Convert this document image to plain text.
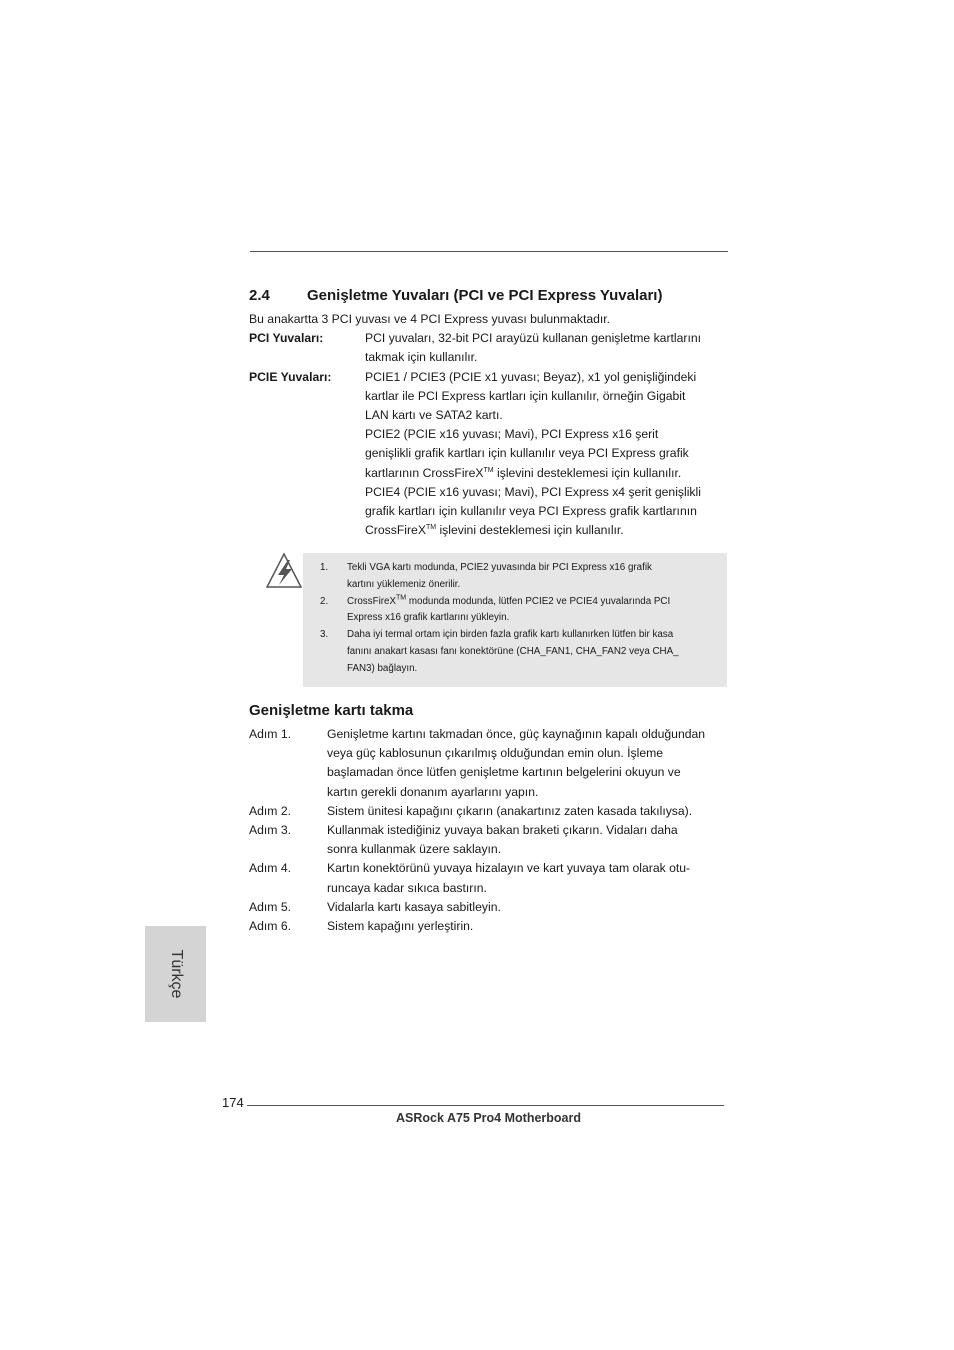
2.4 Genişletme Yuvaları (PCI ve PCI Express Yuvaları)
Bu anakartta 3 PCI yuvası ve 4 PCI Express yuvası bulunmaktadır.
PCI Yuvaları:	PCI yuvaları, 32-bit PCI arayüzü kullanan genişletme kartlarını
takmak için kullanılır.
PCIE Yuvaları:	PCIE1 / PCIE3 (PCIE x1 yuvası; Beyaz), x1 yol genişliğindeki
kartlar ile PCI Express kartları için kullanılır, örneğin Gigabit
LAN kartı ve SATA2 kartı.
PCIE2 (PCIE x16 yuvası; Mavi), PCI Express x16 şerit
genişlikli grafik kartları için kullanılır veya PCI Express grafik
kartlarının CrossFireX™ işlevini desteklemesi için kullanılır.
PCIE4 (PCIE x16 yuvası; Mavi), PCI Express x4 şerit genişlikli
grafik kartları için kullanılır veya PCI Express grafik kartlarının
CrossFireX™ işlevini desteklemesi için kullanılır.
1.	Tekli VGA kartı modunda, PCIE2 yuvasında bir PCI Express x16 grafik
kartını yüklemeniz önerilir.
2.	CrossFireX™ modunda modunda, lütfen PCIE2 ve PCIE4 yuvalarında PCI
Express x16 grafik kartlarını yükleyin.
3.	Daha iyi termal ortam için birden fazla grafik kartı kullanırken lütfen bir kasa
fanını anakart kasası fanı konektörüne (CHA_FAN1, CHA_FAN2 veya CHA_
FAN3) bağlayın.
Genişletme kartı takma
Adım 1.	Genişletme kartını takmadan önce, güç kaynağının kapalı olduğundan
veya güç kablosunun çıkarılmış olduğundan emin olun. İşleme
başlamadan önce lütfen genişletme kartının belgelerini okuyun ve
kartın gerekli donanım ayarlarını yapın.
Adım 2.	Sistem ünitesi kapağını çıkarın (anakartınız zaten kasada takılıysa).
Adım 3.	Kullanmak istediğiniz yuvaya bakan braketi çıkarın. Vidaları daha
sonra kullanmak üzere saklayın.
Adım 4.	Kartın konektörünü yuvaya hizalayın ve kart yuvaya tam olarak otu-
runcaya kadar sıkıca bastırın.
Adım 5.	Vidalarla kartı kasaya sabitleyin.
Adım 6.	Sistem kapağını yerleştirin.
Türkçe
174
ASRock A75 Pro4 Motherboard
